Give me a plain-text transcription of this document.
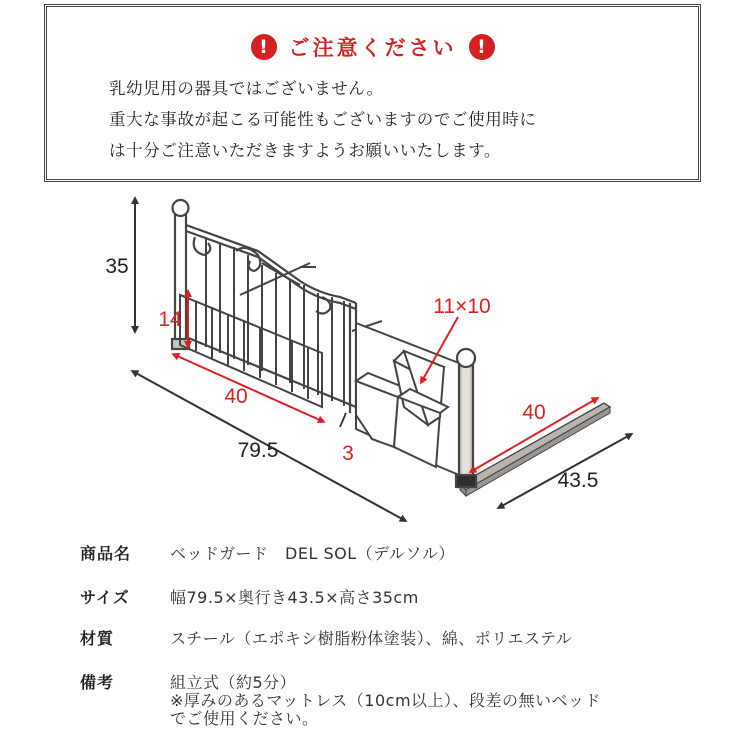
! ご注意ください	!
乳幼児用の器具ではございません。
重大な事故が起こる可能性もございますのでご使用時に
は十分ご注意いただきますようお願いいたします。
35
79.5
43.5
14
40
3
11×10
40
商品名 ベッドガード　DEL SOL（デルソル）
サイズ	幅79.5×奥行き43.5×高さ35cm
材質	スチール（エポキシ樹脂粉体塗装）、綿、ポリエステル
備考	組立式（約5分）
※厚みのあるマットレス（10cm以上）、段差の無いベッド
でご使用ください。
